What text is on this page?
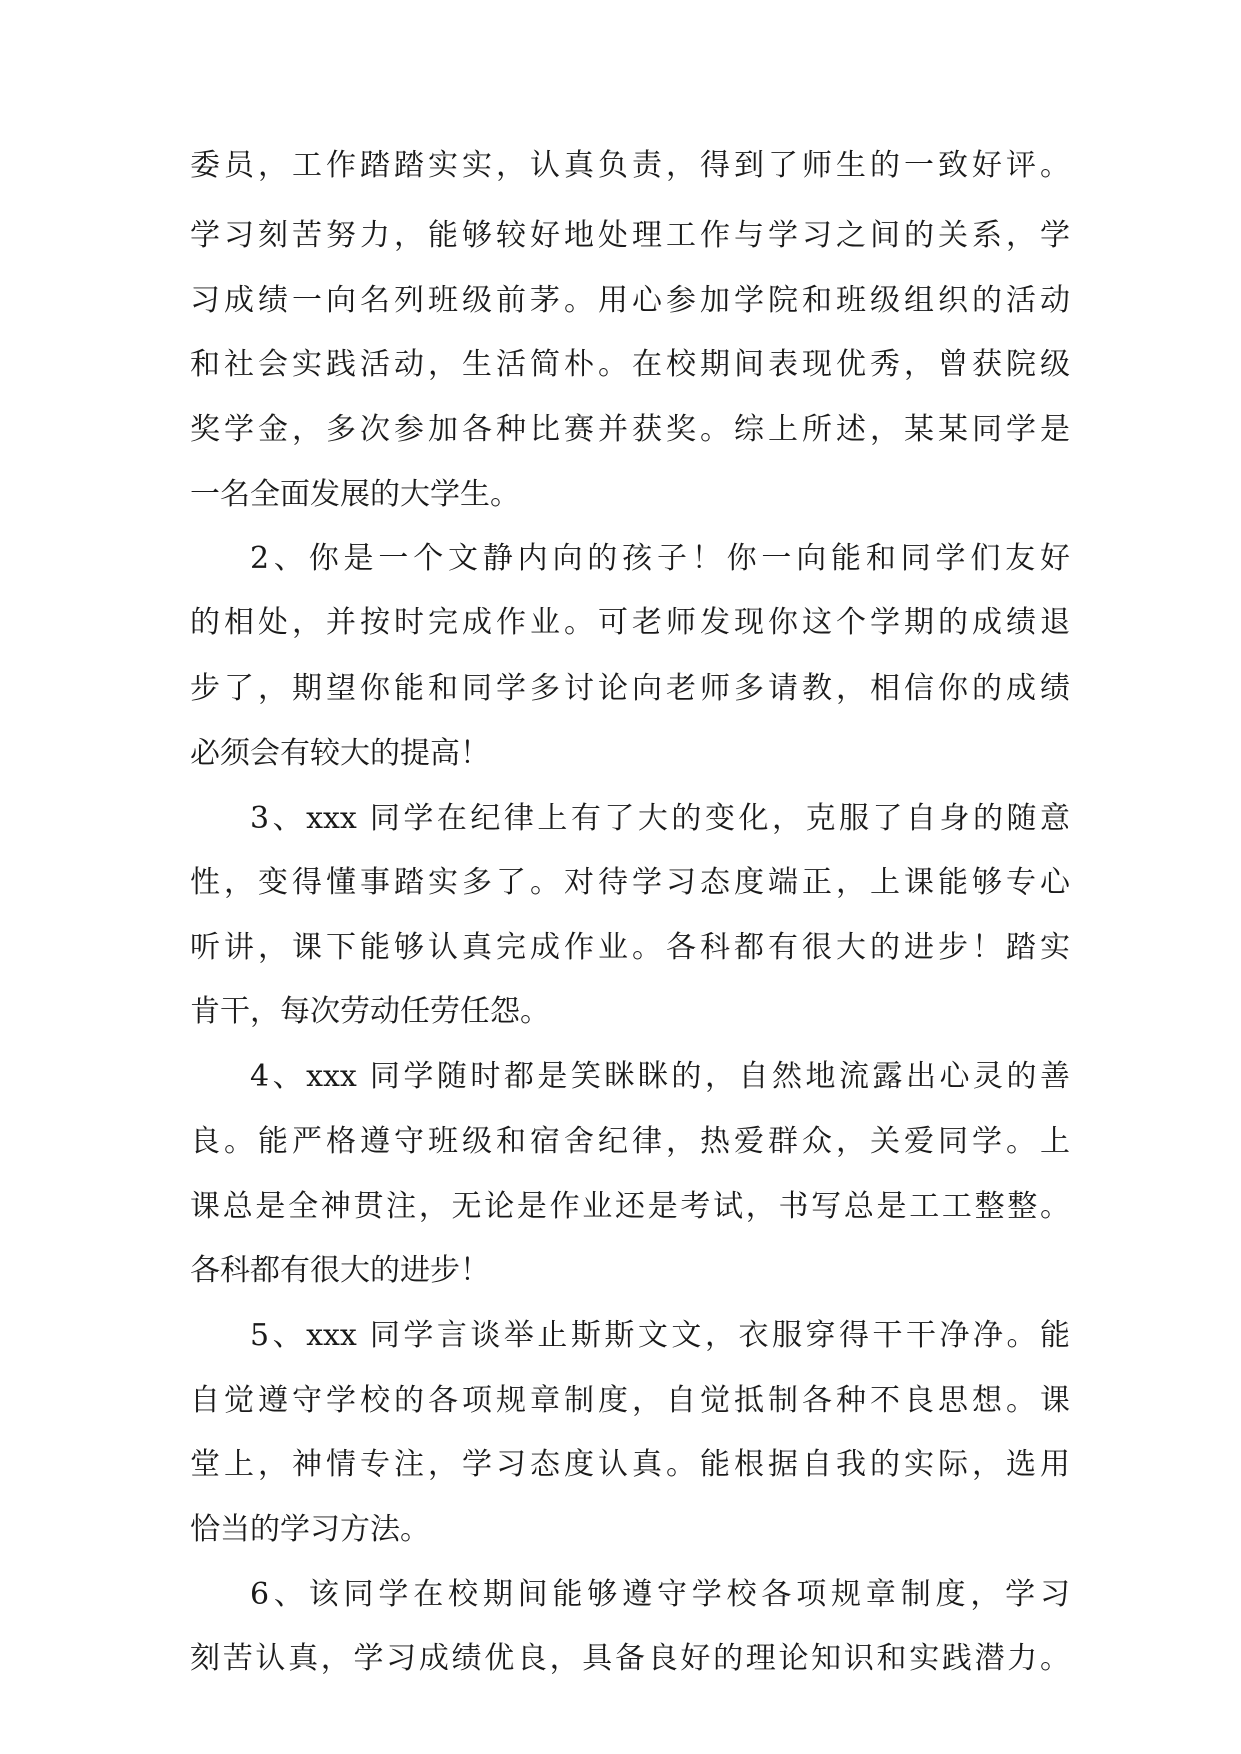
委员，工作踏踏实实，认真负责，得到了师生的一致好评。
学习刻苦努力，能够较好地处理工作与学习之间的关系，学
习成绩一向名列班级前茅。用心参加学院和班级组织的活动
和社会实践活动，生活简朴。在校期间表现优秀，曾获院级
奖学金，多次参加各种比赛并获奖。综上所述，某某同学是
一名全面发展的大学生。
2、你是一个文静内向的孩子！你一向能和同学们友好
的相处，并按时完成作业。可老师发现你这个学期的成绩退
步了，期望你能和同学多讨论向老师多请教，相信你的成绩
必须会有较大的提高！
3、xxx 同学在纪律上有了大的变化，克服了自身的随意
性，变得懂事踏实多了。对待学习态度端正，上课能够专心
听讲，课下能够认真完成作业。各科都有很大的进步！踏实
肯干，每次劳动任劳任怨。
4、xxx 同学随时都是笑眯眯的，自然地流露出心灵的善
良。能严格遵守班级和宿舍纪律，热爱群众，关爱同学。上
课总是全神贯注，无论是作业还是考试，书写总是工工整整。
各科都有很大的进步！
5、xxx 同学言谈举止斯斯文文，衣服穿得干干净净。能
自觉遵守学校的各项规章制度，自觉抵制各种不良思想。课
堂上，神情专注，学习态度认真。能根据自我的实际，选用
恰当的学习方法。
6、该同学在校期间能够遵守学校各项规章制度，学习
刻苦认真，学习成绩优良，具备良好的理论知识和实践潜力。
